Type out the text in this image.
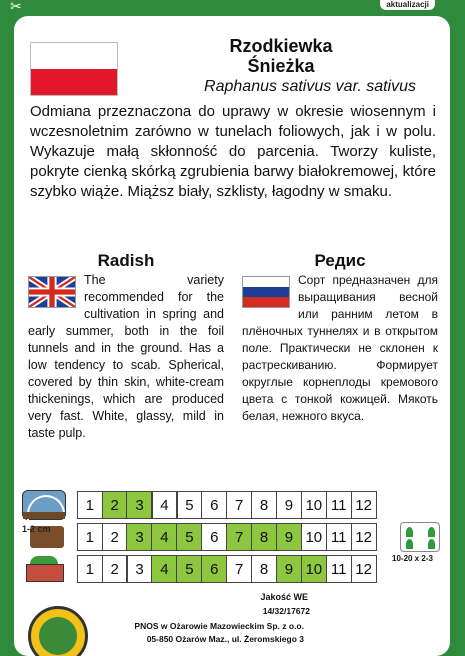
✂	aktualizacji
Rzodkiewka
Śnieżka
Raphanus sativus var. sativus
Odmiana przeznaczona do uprawy w okresie wiosennym i wczesnoletnim zarówno w tunelach foliowych, jak i w polu. Wykazuje małą skłonność do parcenia. Tworzy kuliste, pokryte cienką skórką zgrubienia barwy białokremowej, które szybko wiąże. Miąższ biały, szklisty, łagodny w smaku.
Radish

The variety recommended for the cultivation in spring and early summer, both in the foil tunnels and in the ground. Has a low tendency to scab. Spherical, covered by thin skin, white-cream thickenings, which are produced very fast. White, glassy, mild in taste pulp.

Редис

Сорт предназначен для выращивания весной или ранним летом в плёночных туннелях и в открытом поле. Практически не склонен к растрескиванию. Формирует округлые корнеплоды кремового цвета с тонкой кожицей. Мякоть белая, нежного вкуса.

1	2	3	4	5	6	7	8	9 10 11 12
1-2 cm	1	2	3	4	5	6	7	8	9 10 11 12
1	2	3	4	5	6	7	8	9 10 11 12
10-20 x 2-3
Jakość WE
14/32/17672
PNOS w Ożarowie Mazowieckim Sp. z o.o.
05-850 Ożarów Maz., ul. Żeromskiego 3
